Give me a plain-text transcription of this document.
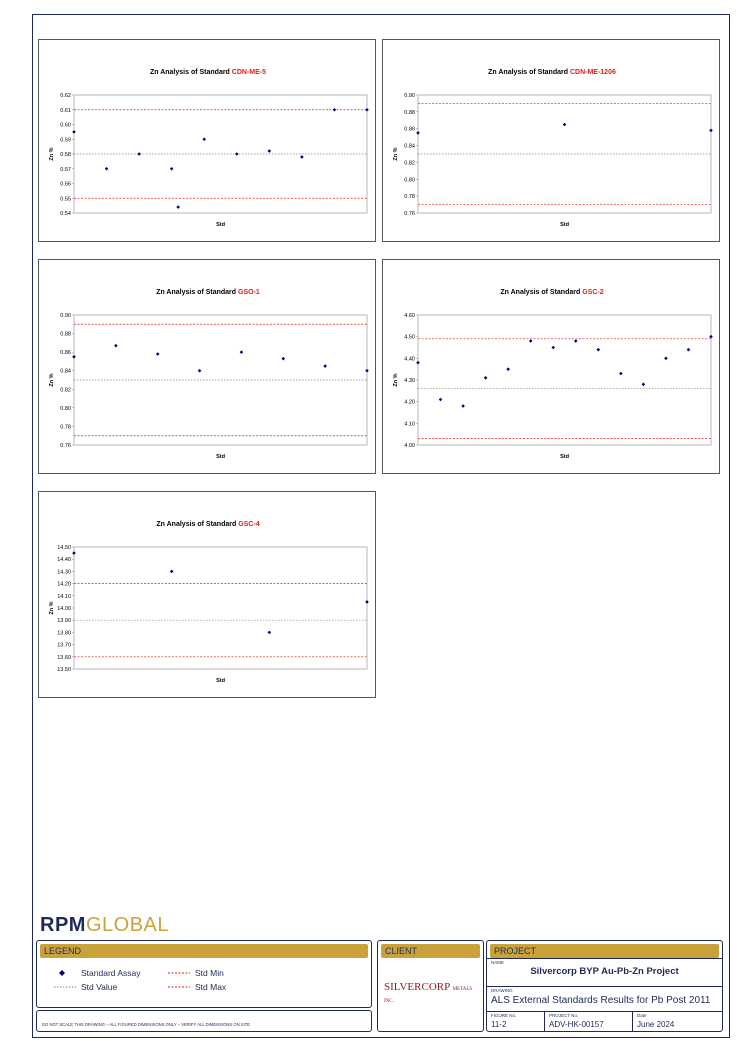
Zn Analysis of Standard CDN-ME-5
0.62
0.61
0.60
0.59
0.58
0.57
0.56
0.55
0.54
Zn %
Std
Zn Analysis of Standard CDN-ME-1206
0.90
0.88
0.86
0.84
0.82
0.80
0.78
0.76
Zn %
Std
Zn Analysis of Standard GSO-1
0.90
0.88
0.86
0.84
0.82
0.80
0.78
0.76
Zn %
Std
Zn Analysis of Standard GSC-2
4.60
4.50
4.40
4.30
4.20
4.10
4.00
Zn %
Std
Zn Analysis of Standard GSC-4
14.50
14.40
14.30
14.20
14.10
14.00
13.90
13.80
13.70
13.60
13.50
Zn %
Std
RPMGLOBAL
LEGEND
Standard Assay	Std Min
Std Value	Std Max
DO NOT SCALE THIS DRAWING – ALL FIGURED DIMENSIONS ONLY – VERIFY ALL DIMENSIONS ON SITE
CLIENT
SILVERCORP METALS INC.
PROJECT
NAME
Silvercorp BYP Au-Pb-Zn Project
DRAWING
ALS External Standards Results for Pb Post 2011
FIGURE No.
11-2
PROJECT No.
ADV-HK-00157
Date
June 2024
